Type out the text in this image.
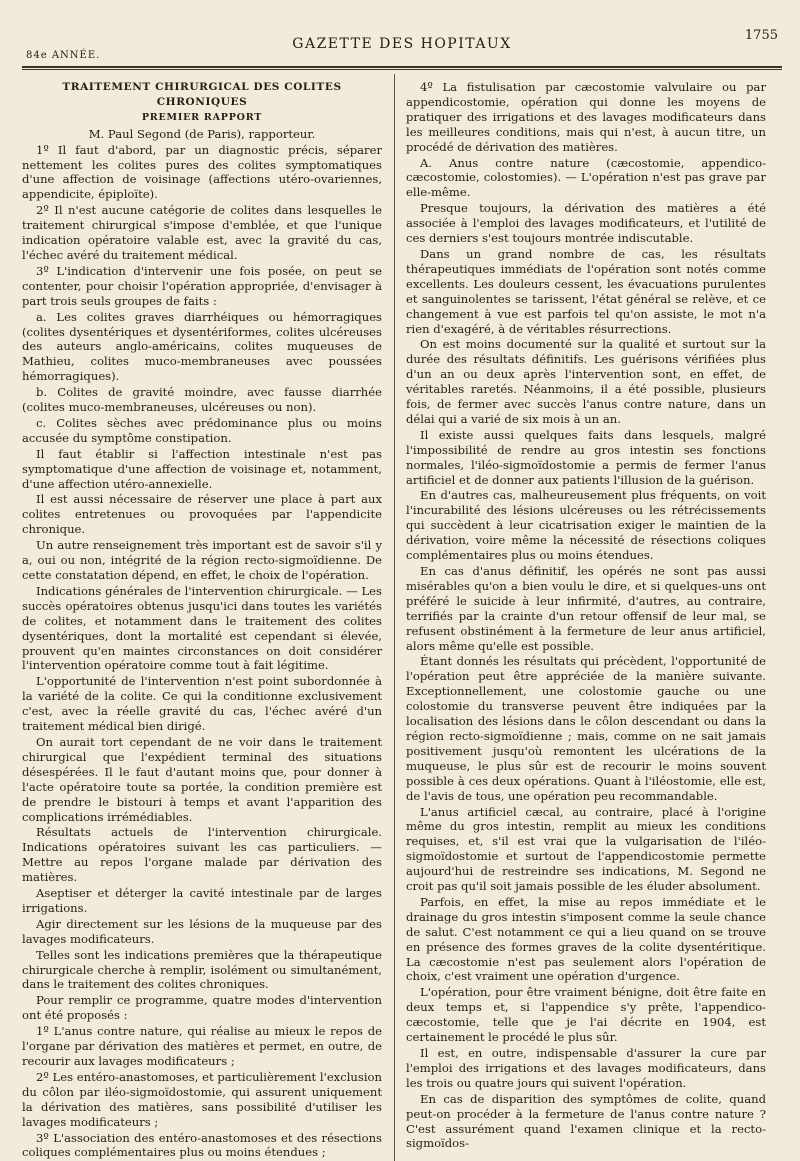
84e ANNÉE.
GAZETTE DES HOPITAUX
1755

TRAITEMENT CHIRURGICAL DES COLITES CHRONIQUES

PREMIER RAPPORT

M. Paul Segond (de Paris), rapporteur.

1º Il faut d'abord, par un diagnostic précis, séparer nettement les colites pures des colites symptomatiques d'une affection de voisinage (affections utéro-ovariennes, appendicite, épiploïte).

2º Il n'est aucune catégorie de colites dans lesquelles le traitement chirurgical s'impose d'emblée, et que l'unique indication opératoire valable est, avec la gravité du cas, l'échec avéré du traitement médical.

3º L'indication d'intervenir une fois posée, on peut se contenter, pour choisir l'opération appropriée, d'envisager à part trois seuls groupes de faits :

a. Les colites graves diarrhéiques ou hémorragiques (colites dysentériques et dysentériformes, colites ulcéreuses des auteurs anglo-américains, colites muqueuses de Mathieu, colites muco-membraneuses avec poussées hémorragiques).

b. Colites de gravité moindre, avec fausse diarrhée (colites muco-membraneuses, ulcéreuses ou non).

c. Colites sèches avec prédominance plus ou moins accusée du symptôme constipation.

Il faut établir si l'affection intestinale n'est pas symptomatique d'une affection de voisinage et, notamment, d'une affection utéro-annexielle.

Il est aussi nécessaire de réserver une place à part aux colites entretenues ou provoquées par l'appendicite chronique.

Un autre renseignement très important est de savoir s'il y a, oui ou non, intégrité de la région recto-sigmoïdienne. De cette constatation dépend, en effet, le choix de l'opération.

Indications générales de l'intervention chirurgicale. — Les succès opératoires obtenus jusqu'ici dans toutes les variétés de colites, et notamment dans le traitement des colites dysentériques, dont la mortalité est cependant si élevée, prouvent qu'en maintes circonstances on doit considérer l'intervention opératoire comme tout à fait légitime.

L'opportunité de l'intervention n'est point subordonnée à la variété de la colite. Ce qui la conditionne exclusivement c'est, avec la réelle gravité du cas, l'échec avéré d'un traitement médical bien dirigé.

On aurait tort cependant de ne voir dans le traitement chirurgical que l'expédient terminal des situations désespérées. Il le faut d'autant moins que, pour donner à l'acte opératoire toute sa portée, la condition première est de prendre le bistouri à temps et avant l'apparition des complications irrémédiables.

Résultats actuels de l'intervention chirurgicale. Indications opératoires suivant les cas particuliers. — Mettre au repos l'organe malade par dérivation des matières.

Aseptiser et déterger la cavité intestinale par de larges irrigations.

Agir directement sur les lésions de la muqueuse par des lavages modificateurs.

Telles sont les indications premières que la thérapeutique chirurgicale cherche à remplir, isolément ou simultanément, dans le traitement des colites chroniques.

Pour remplir ce programme, quatre modes d'intervention ont été proposés :

1º L'anus contre nature, qui réalise au mieux le repos de l'organe par dérivation des matières et permet, en outre, de recourir aux lavages modificateurs ;

2º Les entéro-anastomoses, et particulièrement l'exclusion du côlon par iléo-sigmoïdostomie, qui assurent uniquement la dérivation des matières, sans possibilité d'utiliser les lavages modificateurs ;

3º L'association des entéro-anastomoses et des résections coliques complémentaires plus ou moins étendues ;

4º La fistulisation par cæcostomie valvulaire ou par appendicostomie, opération qui donne les moyens de pratiquer des irrigations et des lavages modificateurs dans les meilleures conditions, mais qui n'est, à aucun titre, un procédé de dérivation des matières.

A. Anus contre nature (cæcostomie, appendico-cæcostomie, colostomies). — L'opération n'est pas grave par elle-même.

Presque toujours, la dérivation des matières a été associée à l'emploi des lavages modificateurs, et l'utilité de ces derniers s'est toujours montrée indiscutable.

Dans un grand nombre de cas, les résultats thérapeutiques immédiats de l'opération sont notés comme excellents. Les douleurs cessent, les évacuations purulentes et sanguinolentes se tarissent, l'état général se relève, et ce changement à vue est parfois tel qu'on assiste, le mot n'a rien d'exagéré, à de véritables résurrections.

On est moins documenté sur la qualité et surtout sur la durée des résultats définitifs. Les guérisons vérifiées plus d'un an ou deux après l'intervention sont, en effet, de véritables raretés. Néanmoins, il a été possible, plusieurs fois, de fermer avec succès l'anus contre nature, dans un délai qui a varié de six mois à un an.

Il existe aussi quelques faits dans lesquels, malgré l'impossibilité de rendre au gros intestin ses fonctions normales, l'iléo-sigmoïdostomie a permis de fermer l'anus artificiel et de donner aux patients l'illusion de la guérison.

En d'autres cas, malheureusement plus fréquents, on voit l'incurabilité des lésions ulcéreuses ou les rétrécissements qui succèdent à leur cicatrisation exiger le maintien de la dérivation, voire même la nécessité de résections coliques complémentaires plus ou moins étendues.

En cas d'anus définitif, les opérés ne sont pas aussi misérables qu'on a bien voulu le dire, et si quelques-uns ont préféré le suicide à leur infirmité, d'autres, au contraire, terrifiés par la crainte d'un retour offensif de leur mal, se refusent obstinément à la fermeture de leur anus artificiel, alors même qu'elle est possible.

Étant donnés les résultats qui précèdent, l'opportunité de l'opération peut être appréciée de la manière suivante. Exceptionnellement, une colostomie gauche ou une colostomie du transverse peuvent être indiquées par la localisation des lésions dans le côlon descendant ou dans la région recto-sigmoïdienne ; mais, comme on ne sait jamais positivement jusqu'où remontent les ulcérations de la muqueuse, le plus sûr est de recourir le moins souvent possible à ces deux opérations. Quant à l'iléostomie, elle est, de l'avis de tous, une opération peu recommandable.

L'anus artificiel cæcal, au contraire, placé à l'origine même du gros intestin, remplit au mieux les conditions requises, et, s'il est vrai que la vulgarisation de l'iléo-sigmoïdostomie et surtout de l'appendicostomie permette aujourd'hui de restreindre ses indications, M. Segond ne croit pas qu'il soit jamais possible de les éluder absolument.

Parfois, en effet, la mise au repos immédiate et le drainage du gros intestin s'imposent comme la seule chance de salut. C'est notamment ce qui a lieu quand on se trouve en présence des formes graves de la colite dysentéritique. La cæcostomie n'est pas seulement alors l'opération de choix, c'est vraiment une opération d'urgence.

L'opération, pour être vraiment bénigne, doit être faite en deux temps et, si l'appendice s'y prête, l'appendico-cæcostomie, telle que je l'ai décrite en 1904, est certainement le procédé le plus sûr.

Il est, en outre, indispensable d'assurer la cure par l'emploi des irrigations et des lavages modificateurs, dans les trois ou quatre jours qui suivent l'opération.

En cas de disparition des symptômes de colite, quand peut-on procéder à la fermeture de l'anus contre nature ? C'est assurément quand l'examen clinique et la recto-sigmoïdos-
